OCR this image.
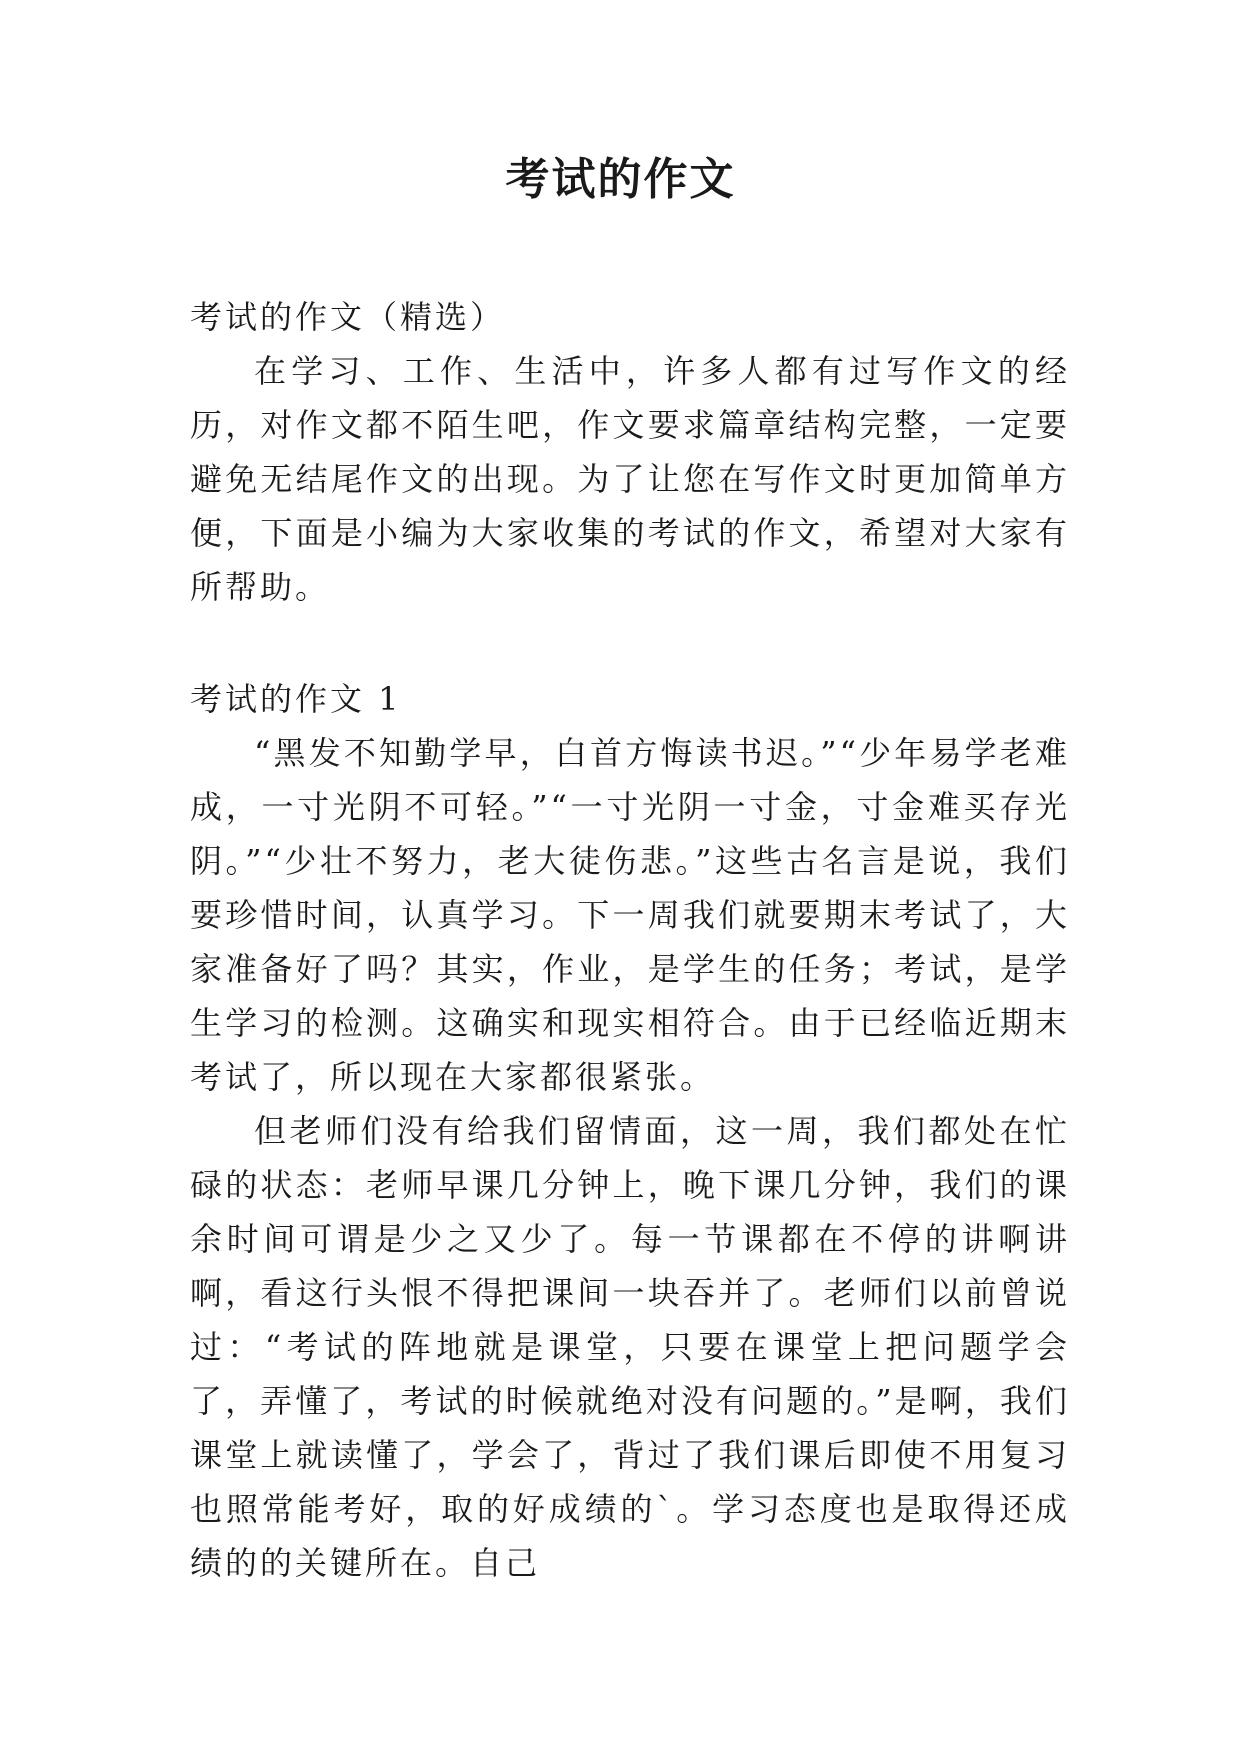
考试的作文

考试的作文（精选）

在学习、工作、生活中，许多人都有过写作文的经历，对作文都不陌生吧，作文要求篇章结构完整，一定要避免无结尾作文的出现。为了让您在写作文时更加简单方便，下面是小编为大家收集的考试的作文，希望对大家有所帮助。

考试的作文 1

“黑发不知勤学早，白首方悔读书迟。”“少年易学老难成，一寸光阴不可轻。”“一寸光阴一寸金，寸金难买存光阴。”“少壮不努力，老大徒伤悲。”这些古名言是说，我们要珍惜时间，认真学习。下一周我们就要期末考试了，大家准备好了吗？其实，作业，是学生的任务；考试，是学生学习的检测。这确实和现实相符合。由于已经临近期末考试了，所以现在大家都很紧张。

但老师们没有给我们留情面，这一周，我们都处在忙碌的状态：老师早课几分钟上，晚下课几分钟，我们的课余时间可谓是少之又少了。每一节课都在不停的讲啊讲啊，看这行头恨不得把课间一块吞并了。老师们以前曾说过：“考试的阵地就是课堂，只要在课堂上把问题学会了，弄懂了，考试的时候就绝对没有问题的。”是啊，我们课堂上就读懂了，学会了，背过了我们课后即使不用复习也照常能考好，取的好成绩的`。学习态度也是取得还成绩的的关键所在。自己
